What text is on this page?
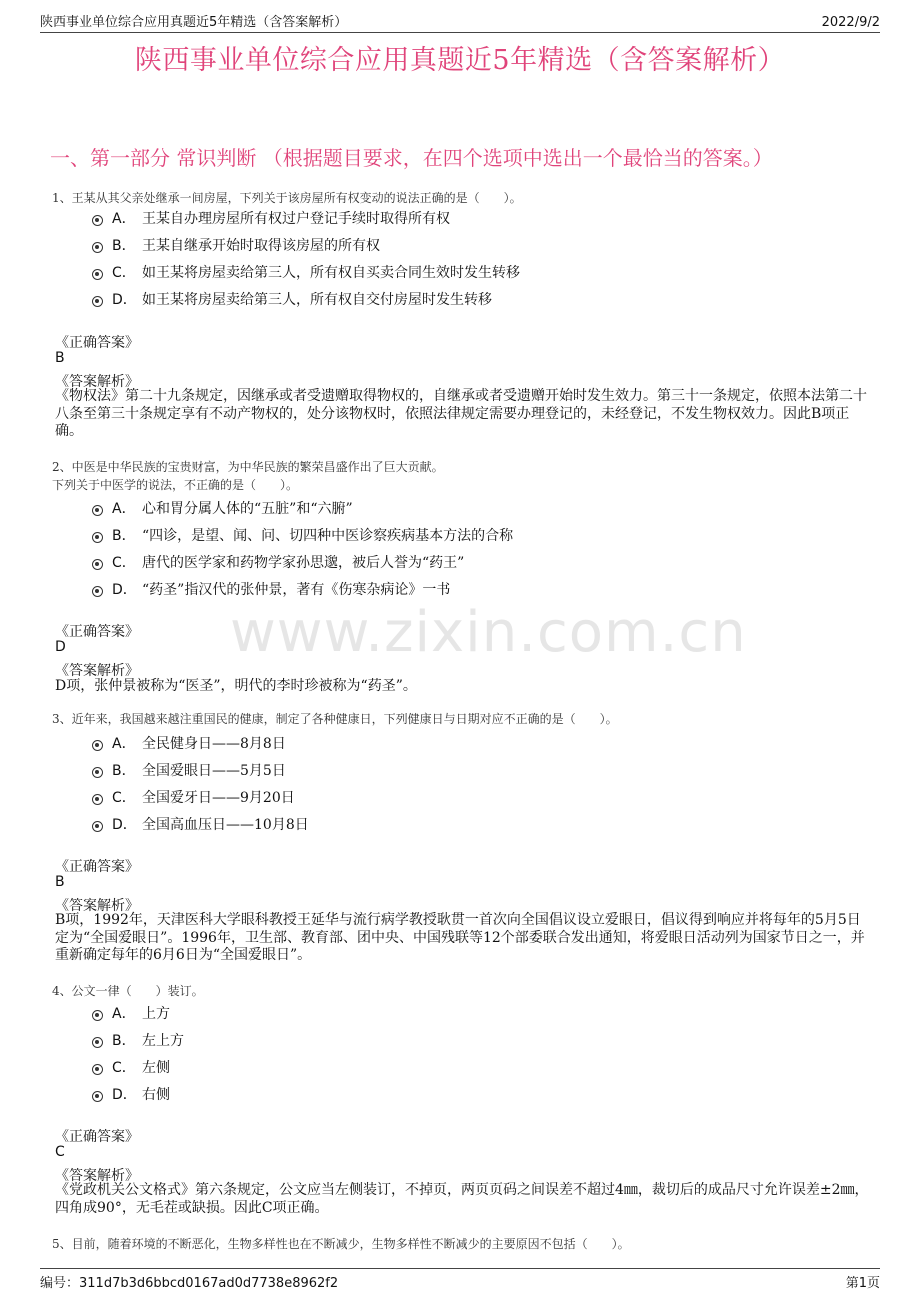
陕西事业单位综合应用真题近5年精选（含答案解析）	2022/9/2
陕西事业单位综合应用真题近5年精选（含答案解析）
一、第一部分 常识判断 （根据题目要求，在四个选项中选出一个最恰当的答案。）
www.zixin.com.cn
1、王某从其父亲处继承一间房屋，下列关于该房屋所有权变动的说法正确的是（　　）。
A． 王某自办理房屋所有权过户登记手续时取得所有权
B． 王某自继承开始时取得该房屋的所有权
C． 如王某将房屋卖给第三人，所有权自买卖合同生效时发生转移
D． 如王某将房屋卖给第三人，所有权自交付房屋时发生转移
《正确答案》
B
《答案解析》
《物权法》第二十九条规定，因继承或者受遗赠取得物权的，自继承或者受遗赠开始时发生效力。第三十一条规定，依照本法第二十八条至第三十条规定享有不动产物权的，处分该物权时，依照法律规定需要办理登记的，未经登记，不发生物权效力。因此B项正确。
2、中医是中华民族的宝贵财富，为中华民族的繁荣昌盛作出了巨大贡献。
下列关于中医学的说法，不正确的是（　　）。
A． 心和胃分属人体的“五脏”和“六腑”
B． “四诊，是望、闻、问、切四种中医诊察疾病基本方法的合称
C． 唐代的医学家和药物学家孙思邈，被后人誉为“药王”
D． “药圣”指汉代的张仲景，著有《伤寒杂病论》一书
《正确答案》
D
《答案解析》
D项，张仲景被称为“医圣”，明代的李时珍被称为“药圣”。
3、近年来，我国越来越注重国民的健康，制定了各种健康日，下列健康日与日期对应不正确的是（　　）。
A． 全民健身日——8月8日
B． 全国爱眼日——5月5日
C． 全国爱牙日——9月20日
D． 全国高血压日——10月8日
《正确答案》
B
《答案解析》
B项，1992年，天津医科大学眼科教授王延华与流行病学教授耿贯一首次向全国倡议设立爱眼日，倡议得到响应并将每年的5月5日定为“全国爱眼日”。1996年，卫生部、教育部、团中央、中国残联等12个部委联合发出通知，将爱眼日活动列为国家节日之一，并重新确定每年的6月6日为“全国爱眼日”。
4、公文一律（　　）装订。
A． 上方
B． 左上方
C． 左侧
D． 右侧
《正确答案》
C
《答案解析》
《党政机关公文格式》第六条规定，公文应当左侧装订，不掉页，两页页码之间误差不超过4㎜，裁切后的成品尺寸允许误差±2㎜，四角成90°，无毛茬或缺损。因此C项正确。
5、目前，随着环境的不断恶化，生物多样性也在不断减少，生物多样性不断减少的主要原因不包括（　　）。
编号：311d7b3d6bbcd0167ad0d7738e8962f2	第1页
